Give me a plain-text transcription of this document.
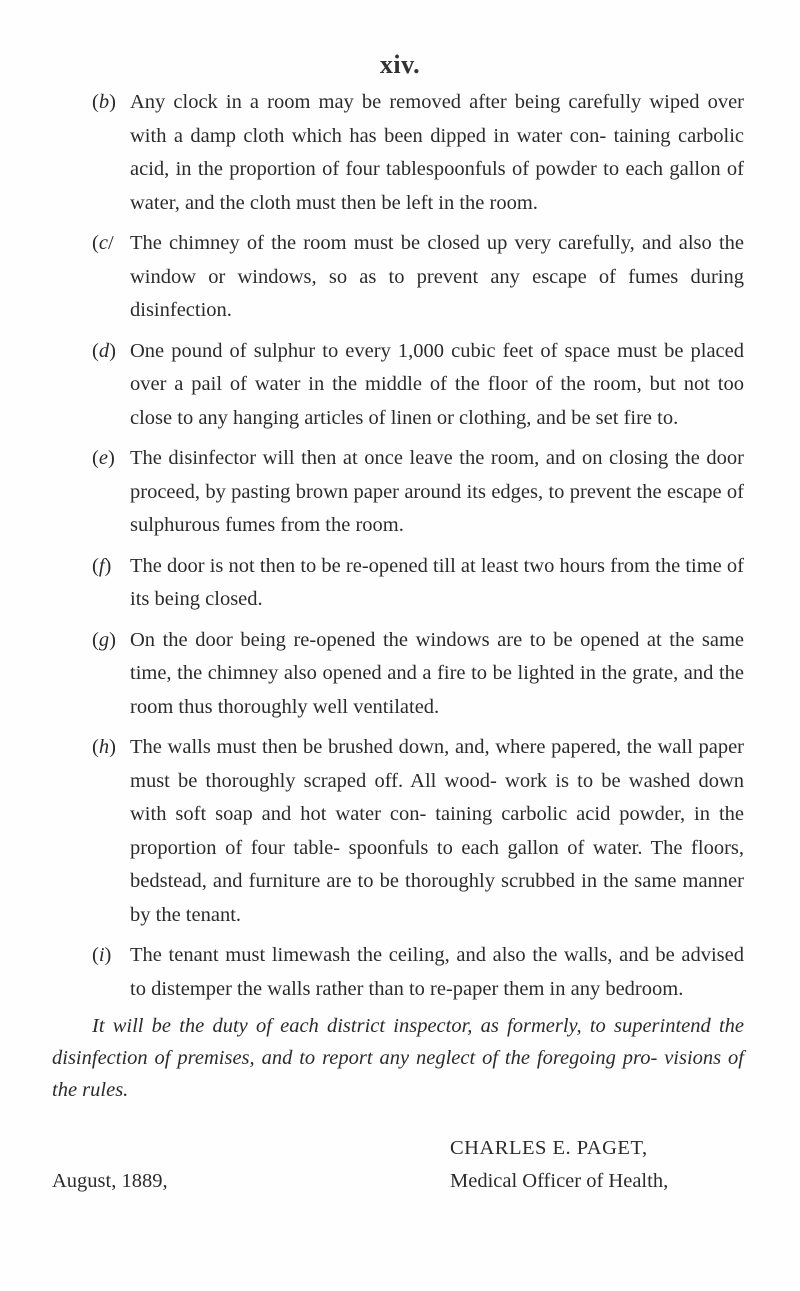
xiv.
(b) Any clock in a room may be removed after being carefully wiped over with a damp cloth which has been dipped in water con- taining carbolic acid, in the proportion of four tablespoonfuls of powder to each gallon of water, and the cloth must then be left in the room.
(c/ The chimney of the room must be closed up very carefully, and also the window or windows, so as to prevent any escape of fumes during disinfection.
(d) One pound of sulphur to every 1,000 cubic feet of space must be placed over a pail of water in the middle of the floor of the room, but not too close to any hanging articles of linen or clothing, and be set fire to.
(e) The disinfector will then at once leave the room, and on closing the door proceed, by pasting brown paper around its edges, to prevent the escape of sulphurous fumes from the room.
(f) The door is not then to be re-opened till at least two hours from the time of its being closed.
(g) On the door being re-opened the windows are to be opened at the same time, the chimney also opened and a fire to be lighted in the grate, and the room thus thoroughly well ventilated.
(h) The walls must then be brushed down, and, where papered, the wall paper must be thoroughly scraped off. All wood- work is to be washed down with soft soap and hot water con- taining carbolic acid powder, in the proportion of four table- spoonfuls to each gallon of water. The floors, bedstead, and furniture are to be thoroughly scrubbed in the same manner by the tenant.
(i) The tenant must limewash the ceiling, and also the walls, and be advised to distemper the walls rather than to re-paper them in any bedroom.
It will be the duty of each district inspector, as formerly, to superintend the disinfection of premises, and to report any neglect of the foregoing pro- visions of the rules.
CHARLES E. PAGET,
August, 1889,	Medical Officer of Health,
